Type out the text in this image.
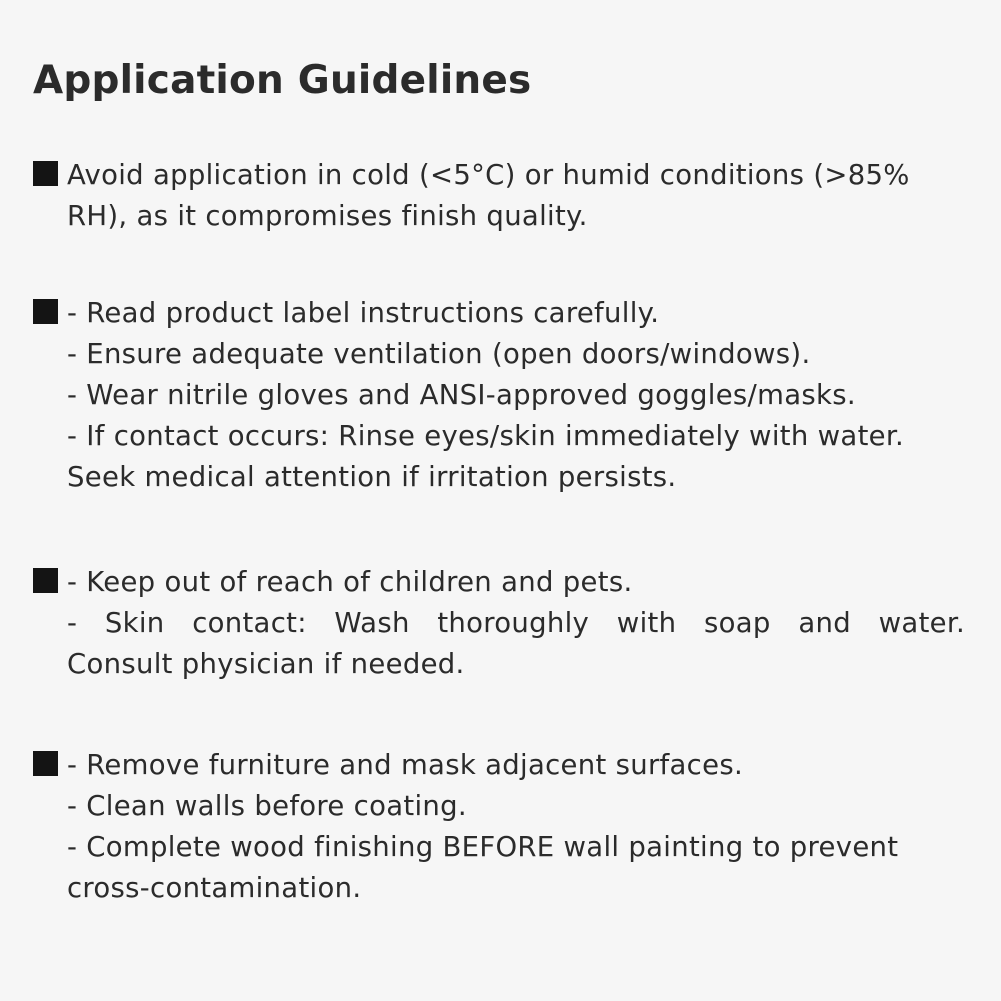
Application Guidelines
Avoid application in cold (<5°C) or humid conditions (>85%
RH), as it compromises finish quality.
- Read product label instructions carefully.
- Ensure adequate ventilation (open doors/windows).
- Wear nitrile gloves and ANSI-approved goggles/masks.
- If contact occurs: Rinse eyes/skin immediately with water.
Seek medical attention if irritation persists.
- Keep out of reach of children and pets.
- Skin contact: Wash thoroughly with soap and water.
Consult physician if needed.
- Remove furniture and mask adjacent surfaces.
- Clean walls before coating.
- Complete wood finishing BEFORE wall painting to prevent
cross-contamination.
